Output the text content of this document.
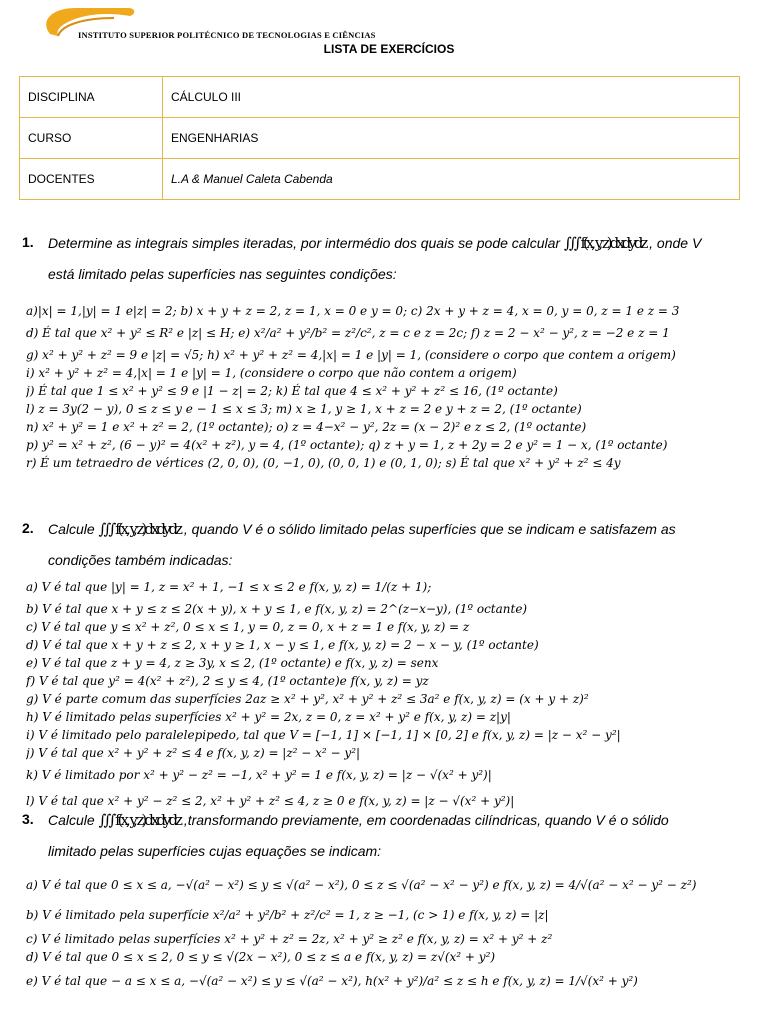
INSTITUTO SUPERIOR POLITÉCNICO DE TECNOLOGIAS E CIÊNCIAS
LISTA DE EXERCÍCIOS
DISCIPLINA	CÁLCULO III
CURSO	ENGENHARIAS
DOCENTES	L.A & Manuel Caleta Cabenda
1. Determine as integrais simples iteradas, por intermédio dos quais se pode calcular ∭ f(x, y, z)dxdydz , onde V
está limitado pelas superfícies nas seguintes condições:
a)|x| = 1,|y| = 1 e|z| = 2; b) x + y + z = 2, z = 1, x = 0 e y = 0; c) 2x + y + z = 4, x = 0, y = 0, z = 1 e z = 3
d) É tal que x² + y² ≤ R² e |z| ≤ H; e) x²/a² + y²/b² = z²/c², z = c e z = 2c; f) z = 2 − x² − y², z = −2 e z = 1
g) x² + y² + z² = 9 e |z| = √5; h) x² + y² + z² = 4,|x| = 1 e |y| = 1, (considere o corpo que contem a origem)
i) x² + y² + z² = 4,|x| = 1 e |y| = 1, (considere o corpo que não contem a origem)
j) É tal que 1 ≤ x² + y² ≤ 9 e |1 − z| = 2; k) É tal que 4 ≤ x² + y² + z² ≤ 16, (1º octante)
l) z = 3y(2 − y), 0 ≤ z ≤ y e − 1 ≤ x ≤ 3; m) x ≥ 1, y ≥ 1, x + z = 2 e y + z = 2, (1º octante)
n) x² + y² = 1 e x² + z² = 2, (1º octante); o) z = 4−x² − y², 2z = (x − 2)² e z ≤ 2, (1º octante)
p) y² = x² + z², (6 − y)² = 4(x² + z²), y = 4, (1º octante); q) z + y = 1, z + 2y = 2 e y² = 1 − x, (1º octante)
r) É um tetraedro de vértices (2, 0, 0), (0, −1, 0), (0, 0, 1) e (0, 1, 0); s) É tal que x² + y² + z² ≤ 4y
2. Calcule ∭ f(x, y, z)dxdydz , quando V é o sólido limitado pelas superfícies que se indicam e satisfazem as
condições também indicadas:
a) V é tal que |y| = 1, z = x² + 1, −1 ≤ x ≤ 2 e f(x, y, z) = 1/(z + 1);
b) V é tal que x + y ≤ z ≤ 2(x + y), x + y ≤ 1, e f(x, y, z) = 2^(z−x−y), (1º octante)
c) V é tal que y ≤ x² + z², 0 ≤ x ≤ 1, y = 0, z = 0, x + z = 1 e f(x, y, z) = z
d) V é tal que x + y + z ≤ 2, x + y ≥ 1, x − y ≤ 1, e f(x, y, z) = 2 − x − y, (1º octante)
e) V é tal que z + y = 4, z ≥ 3y, x ≤ 2, (1º octante) e f(x, y, z) = senx
f) V é tal que y² = 4(x² + z²), 2 ≤ y ≤ 4, (1º octante)e f(x, y, z) = yz
g) V é parte comum das superfícies 2az ≥ x² + y², x² + y² + z² ≤ 3a² e f(x, y, z) = (x + y + z)²
h) V é limitado pelas superfícies x² + y² = 2x, z = 0, z = x² + y² e f(x, y, z) = z|y|
i) V é limitado pelo paralelepipedo, tal que V = [−1, 1] × [−1, 1] × [0, 2] e f(x, y, z) = |z − x² − y²|
j) V é tal que x² + y² + z² ≤ 4 e f(x, y, z) = |z² − x² − y²|
k) V é limitado por x² + y² − z² = −1, x² + y² = 1 e f(x, y, z) = |z − √(x² + y²)|
l) V é tal que x² + y² − z² ≤ 2, x² + y² + z² ≤ 4, z ≥ 0 e f(x, y, z) = |z − √(x² + y²)|
3. Calcule ∭ f(x, y, z)dxdydz ,transformando previamente, em coordenadas cilíndricas, quando V é o sólido
limitado pelas superfícies cujas equações se indicam:
a) V é tal que 0 ≤ x ≤ a, −√(a² − x²) ≤ y ≤ √(a² − x²), 0 ≤ z ≤ √(a² − x² − y²) e f(x, y, z) = 4/√(a² − x² − y² − z²)
b) V é limitado pela superfície x²/a² + y²/b² + z²/c² = 1, z ≥ −1, (c > 1) e f(x, y, z) = |z|
c) V é limitado pelas superfícies x² + y² + z² = 2z, x² + y² ≥ z² e f(x, y, z) = x² + y² + z²
d) V é tal que 0 ≤ x ≤ 2, 0 ≤ y ≤ √(2x − x²), 0 ≤ z ≤ a e f(x, y, z) = z√(x² + y²)
e) V é tal que − a ≤ x ≤ a, −√(a² − x²) ≤ y ≤ √(a² − x²), h(x² + y²)/a² ≤ z ≤ h e f(x, y, z) = 1/√(x² + y²)
